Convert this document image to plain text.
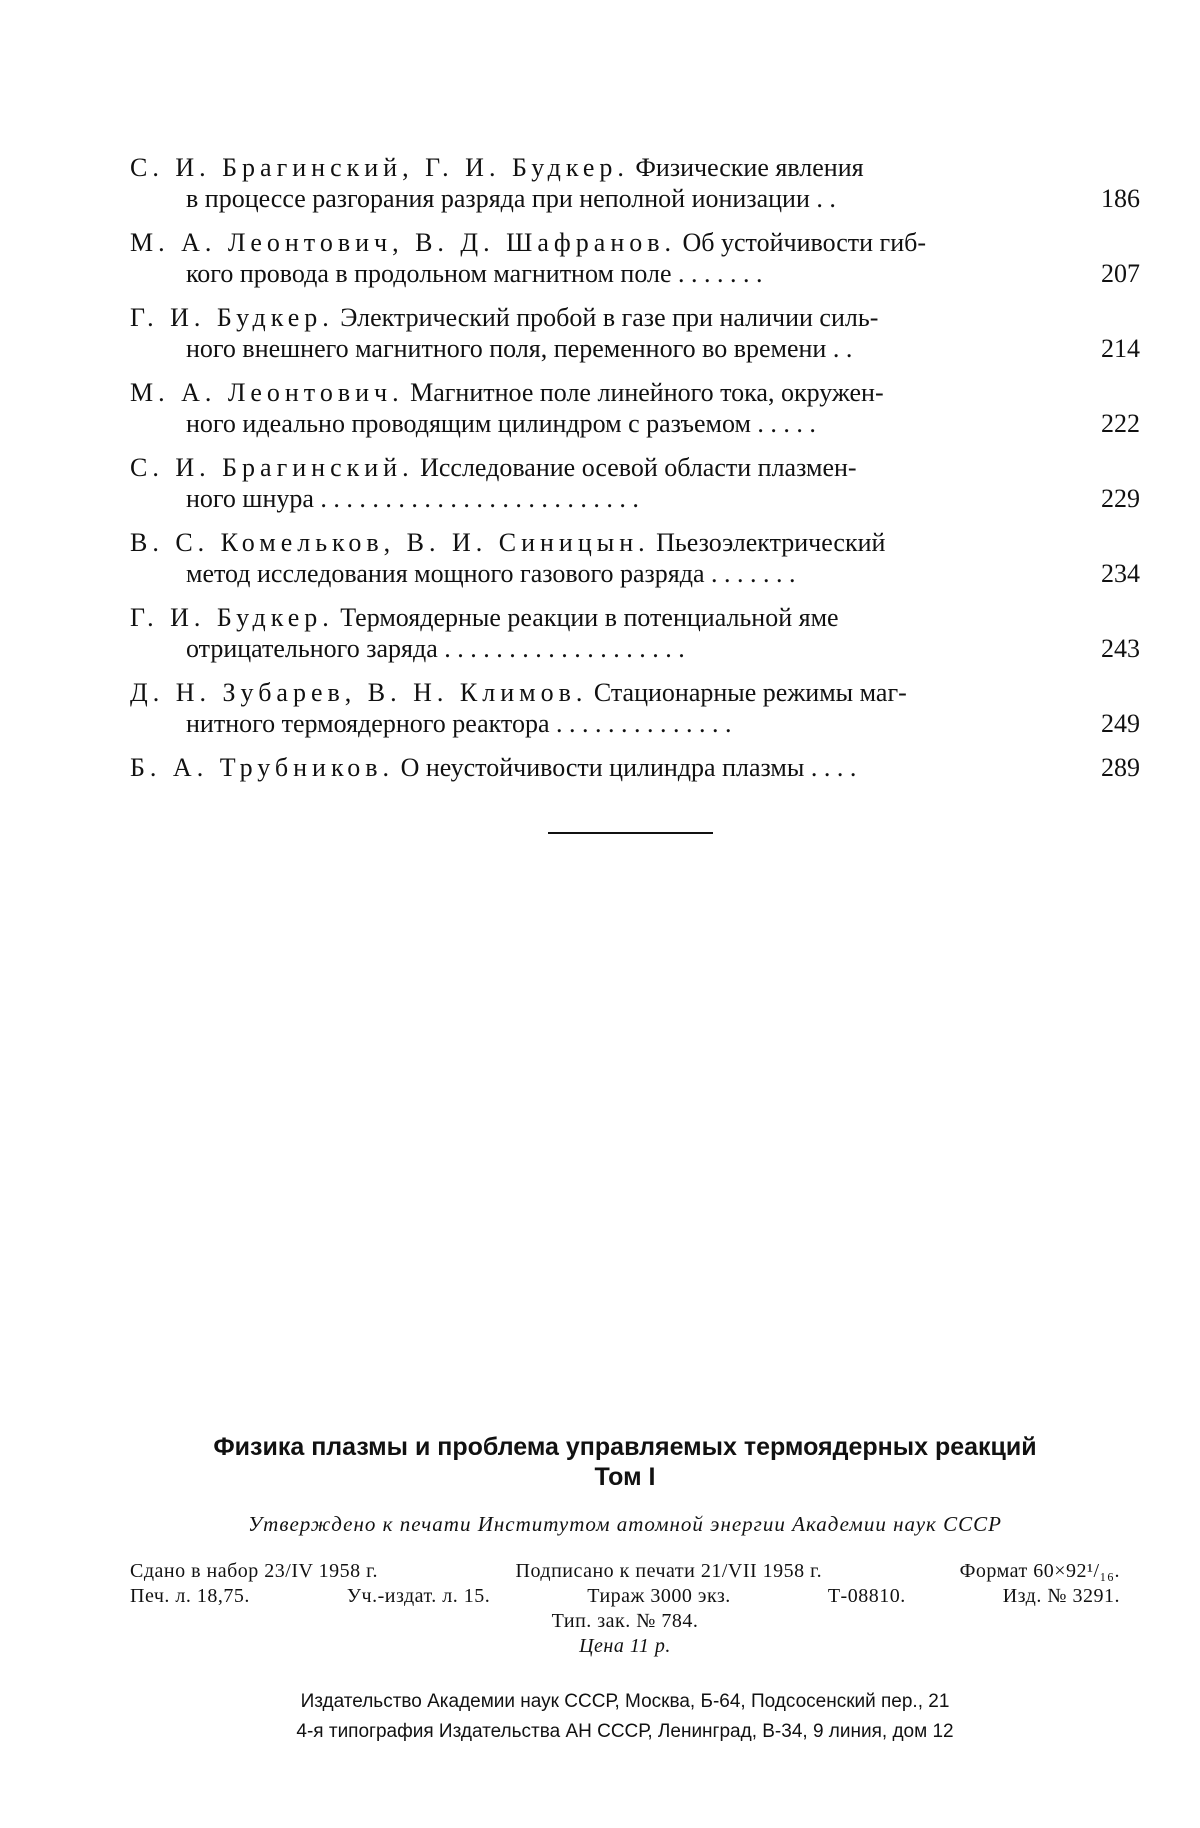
С. И. Брагинский, Г. И. Будкер. Физические явления
в процессе разгорания разряда при неполной ионизации . .	186
М. А. Леонтович, В. Д. Шафранов. Об устойчивости гиб-
кого провода в продольном магнитном поле . . . . . . .	207
Г. И. Будкер. Электрический пробой в газе при наличии силь-
ного внешнего магнитного поля, переменного во времени . .	214
М. А. Леонтович. Магнитное поле линейного тока, окружен-
ного идеально проводящим цилиндром с разъемом . . . . .	222
С. И. Брагинский. Исследование осевой области плазмен-
ного шнура . . . . . . . . . . . . . . . . . . . . . . . . .	229
В. С. Комельков, В. И. Синицын. Пьезоэлектрический
метод исследования мощного газового разряда . . . . . . .	234
Г. И. Будкер. Термоядерные реакции в потенциальной яме
отрицательного заряда . . . . . . . . . . . . . . . . . . .	243
Д. Н. Зубарев, В. Н. Климов. Стационарные режимы маг-
нитного термоядерного реактора . . . . . . . . . . . . . .	249
Б. А. Трубников. О неустойчивости цилиндра плазмы . . . .	289
Физика плазмы и проблема управляемых термоядерных реакций
Том I
Утверждено к печати Институтом атомной энергии Академии наук СССР
Сдано в набор 23/IV 1958 г.	Подписано к печати 21/VII 1958 г.	Формат 60×92¹/₁₆.
Печ. л. 18,75.	Уч.-издат. л. 15.	Тираж 3000 экз.	Т-08810.	Изд. № 3291.
Тип. зак. № 784.
Цена 11 р.
Издательство Академии наук СССР, Москва, Б-64, Подсосенский пер., 21
4-я типография Издательства АН СССР, Ленинград, В-34, 9 линия, дом 12
